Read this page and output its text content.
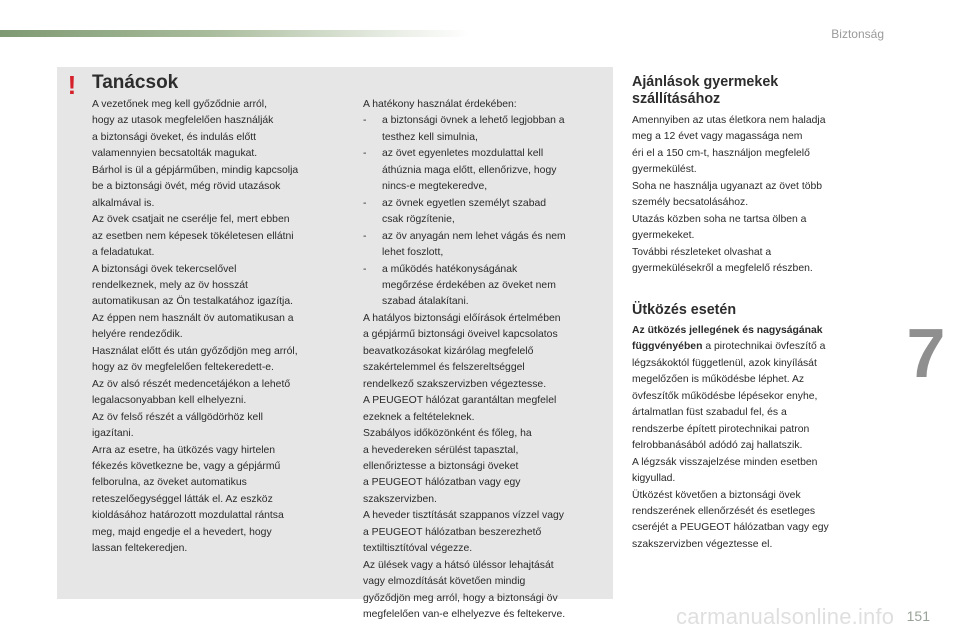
Biztonság
! Tanácsok
A vezetőnek meg kell győződnie arról,
hogy az utasok megfelelően használják
a biztonsági öveket, és indulás előtt
valamennyien becsatolták magukat.
Bárhol is ül a gépjárműben, mindig kapcsolja
be a biztonsági övét, még rövid utazások
alkalmával is.
Az övek csatjait ne cserélje fel, mert ebben
az esetben nem képesek tökéletesen ellátni
a feladatukat.
A biztonsági övek tekercselővel
rendelkeznek, mely az öv hosszát
automatikusan az Ön testalkatához igazítja.
Az éppen nem használt öv automatikusan a
helyére rendeződik.
Használat előtt és után győződjön meg arról,
hogy az öv megfelelően feltekeredett-e.
Az öv alsó részét medencetájékon a lehető
legalacsonyabban kell elhelyezni.
Az öv felső részét a vállgödörhöz kell
igazítani.
Arra az esetre, ha ütközés vagy hirtelen
fékezés következne be, vagy a gépjármű
felborulna, az öveket automatikus
reteszelőegységgel látták el. Az eszköz
kioldásához határozott mozdulattal rántsa
meg, majd engedje el a hevedert, hogy
lassan feltekeredjen.
A hatékony használat érdekében:
-	a biztonsági övnek a lehető legjobban a
testhez kell simulnia,
-	az övet egyenletes mozdulattal kell
áthúznia maga előtt, ellenőrizve, hogy
nincs-e megtekeredve,
-	az övnek egyetlen személyt szabad
csak rögzítenie,
-	az öv anyagán nem lehet vágás és nem
lehet foszlott,
-	a működés hatékonyságának
megőrzése érdekében az öveket nem
szabad átalakítani.
A hatályos biztonsági előírások értelmében
a gépjármű biztonsági öveivel kapcsolatos
beavatkozásokat kizárólag megfelelő
szakértelemmel és felszereltséggel
rendelkező szakszervizben végeztesse.
A PEUGEOT hálózat garantáltan megfelel
ezeknek a feltételeknek.
Szabályos időközönként és főleg, ha
a hevedereken sérülést tapasztal,
ellenőriztesse a biztonsági öveket
a PEUGEOT hálózatban vagy egy
szakszervizben.
A heveder tisztítását szappanos vízzel vagy
a PEUGEOT hálózatban beszerezhető
textiltisztítóval végezze.
Az ülések vagy a hátsó üléssor lehajtását
vagy elmozdítását követően mindig
győződjön meg arról, hogy a biztonsági öv
megfelelően van-e elhelyezve és feltekerve.
Ajánlások gyermekek
szállításához
Amennyiben az utas életkora nem haladja
meg a 12 évet vagy magassága nem
éri el a 150 cm-t, használjon megfelelő
gyermekülést.
Soha ne használja ugyanazt az övet több
személy becsatolásához.
Utazás közben soha ne tartsa ölben a
gyermekeket.
További részleteket olvashat a
gyermekülésekről a megfelelő részben.
Ütközés esetén
Az ütközés jellegének és nagyságának
függvényében a pirotechnikai övfeszítő a
légzsákoktól függetlenül, azok kinyílását
megelőzően is működésbe léphet. Az
övfeszítők működésbe lépésekor enyhe,
ártalmatlan füst szabadul fel, és a
rendszerbe épített pirotechnikai patron
felrobbanásából adódó zaj hallatszik.
A légzsák visszajelzése minden esetben
kigyullad.
Ütközést követően a biztonsági övek
rendszerének ellenőrzését és esetleges
cseréjét a PEUGEOT hálózatban vagy egy
szakszervizben végeztesse el.
7
carmanualsonline.info 151
